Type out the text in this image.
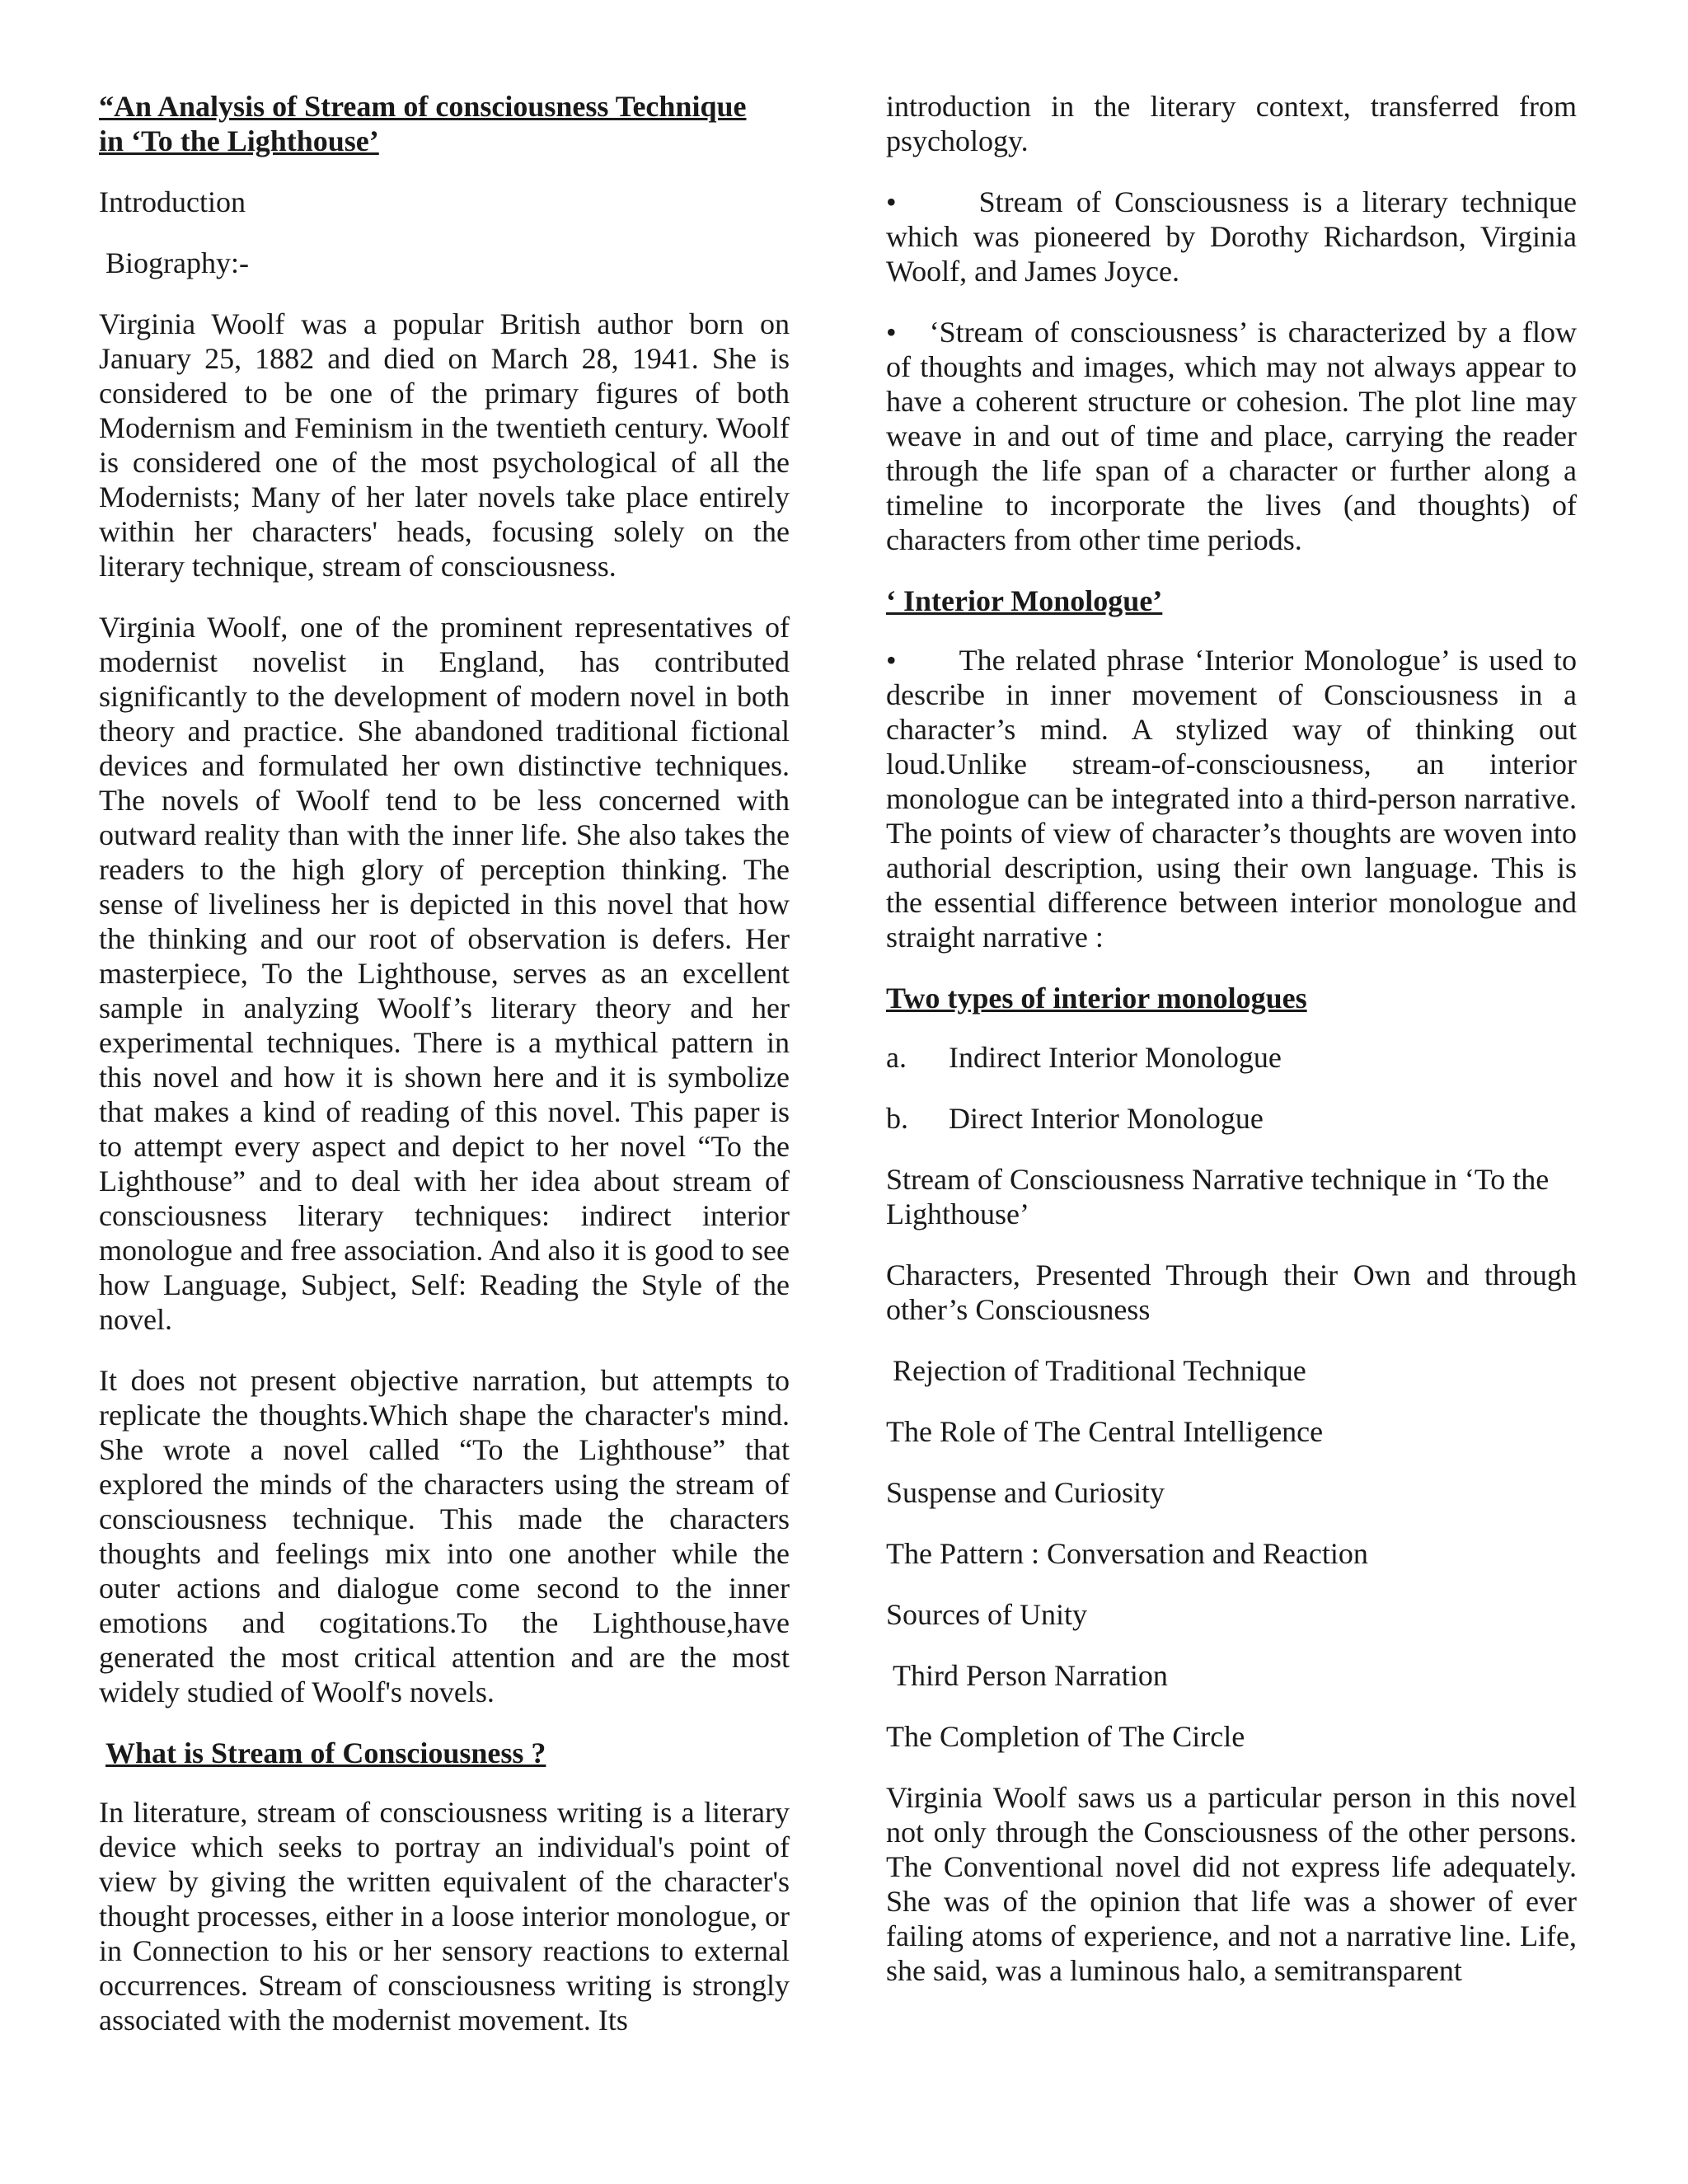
“An Analysis of Stream of consciousness Technique
in ‘To the Lighthouse’

Introduction

Biography:-

Virginia Woolf was a popular British author born on January 25, 1882 and died on March 28, 1941. She is considered to be one of the primary figures of both Modernism and Feminism in the twentieth century. Woolf is considered one of the most psychological of all the Modernists; Many of her later novels take place entirely within her characters' heads, focusing solely on the literary technique, stream of consciousness.

Virginia Woolf, one of the prominent representatives of modernist novelist in England, has contributed significantly to the development of modern novel in both theory and practice. She abandoned traditional fictional devices and formulated her own distinctive techniques. The novels of Woolf tend to be less concerned with outward reality than with the inner life. She also takes the readers to the high glory of perception thinking. The sense of liveliness her is depicted in this novel that how the thinking and our root of observation is defers. Her masterpiece, To the Lighthouse, serves as an excellent sample in analyzing Woolf’s literary theory and her experimental techniques. There is a mythical pattern in this novel and how it is shown here and it is symbolize that makes a kind of reading of this novel. This paper is to attempt every aspect and depict to her novel “To the Lighthouse” and to deal with her idea about stream of consciousness literary techniques: indirect interior monologue and free association. And also it is good to see how Language, Subject, Self: Reading the Style of the novel.

It does not present objective narration, but attempts to replicate the thoughts.Which shape the character's mind. She wrote a novel called “To the Lighthouse” that explored the minds of the characters using the stream of consciousness technique. This made the characters thoughts and feelings mix into one another while the outer actions and dialogue come second to the inner emotions and cogitations.To the Lighthouse,have generated the most critical attention and are the most widely studied of Woolf's novels.

What is Stream of Consciousness ?

In literature, stream of consciousness writing is a literary device which seeks to portray an individual's point of view by giving the written equivalent of the character's thought processes, either in a loose interior monologue, or in Connection to his or her sensory reactions to external occurrences. Stream of consciousness writing is strongly associated with the modernist movement. Its

introduction in the literary context, transferred from psychology.

•	Stream of Consciousness is a literary technique which was pioneered by Dorothy Richardson, Virginia Woolf, and James Joyce.

• ‘Stream of consciousness’ is characterized by a flow of thoughts and images, which may not always appear to have a coherent structure or cohesion. The plot line may weave in and out of time and place, carrying the reader through the life span of a character or further along a timeline to incorporate the lives (and thoughts) of characters from other time periods.

‘ Interior Monologue’

• The related phrase ‘Interior Monologue’ is used to describe in inner movement of Consciousness in a character’s mind. A stylized way of thinking out loud.Unlike stream-of-consciousness, an interior monologue can be integrated into a third-person narrative. The points of view of character’s thoughts are woven into authorial description, using their own language. This is the essential difference between interior monologue and straight narrative :

Two types of interior monologues

a.	Indirect Interior Monologue
b.	Direct Interior Monologue

Stream of Consciousness Narrative technique in ‘To the Lighthouse’

Characters, Presented Through their Own and through other’s Consciousness

Rejection of Traditional Technique

The Role of The Central Intelligence

Suspense and Curiosity

The Pattern : Conversation and Reaction

Sources of Unity

Third Person Narration

The Completion of The Circle

Virginia Woolf saws us a particular person in this novel not only through the Consciousness of the other persons. The Conventional novel did not express life adequately. She was of the opinion that life was a shower of ever failing atoms of experience, and not a narrative line. Life, she said, was a luminous halo, a semitransparent
